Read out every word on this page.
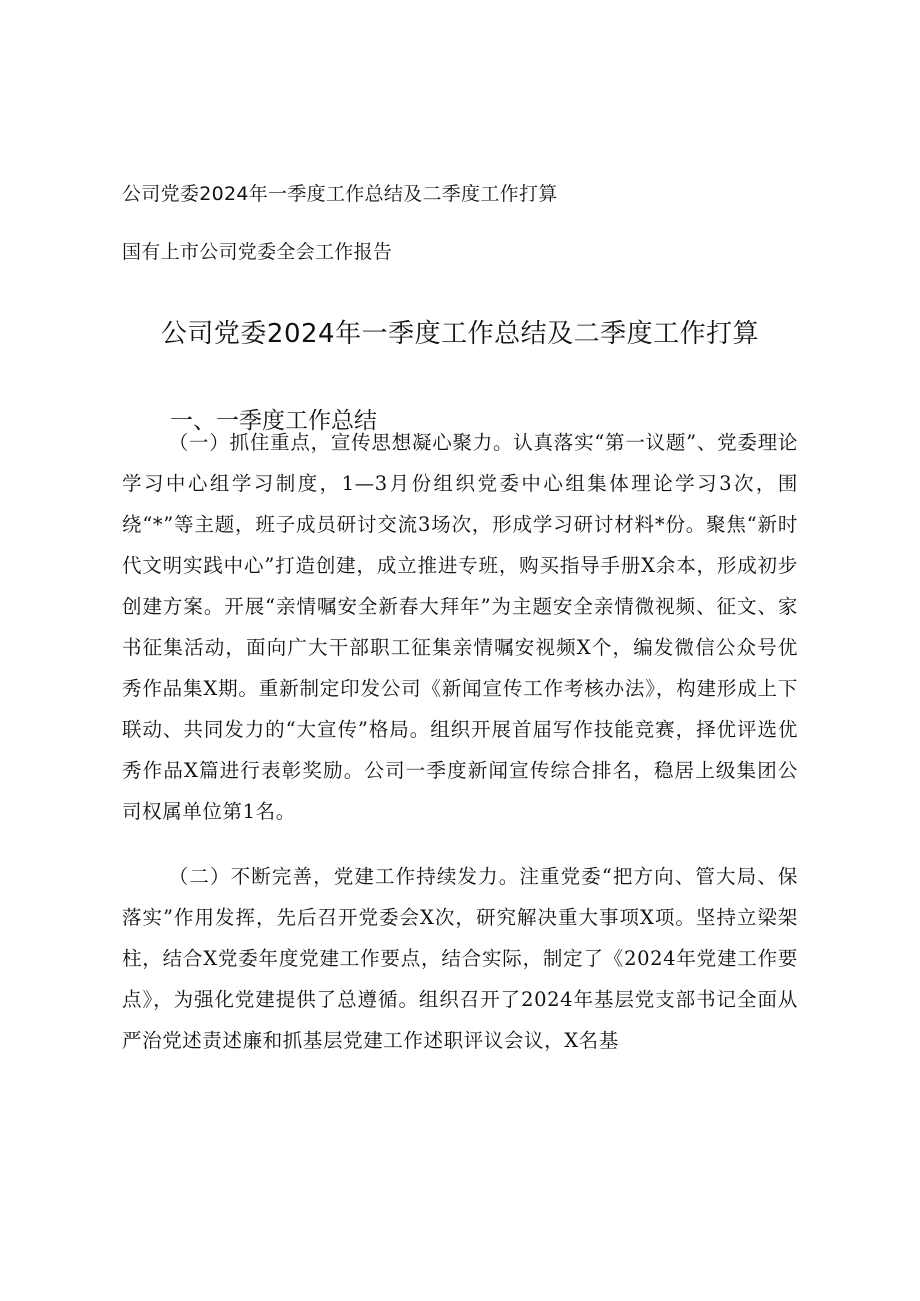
公司党委2024年一季度工作总结及二季度工作打算
国有上市公司党委全会工作报告
公司党委2024年一季度工作总结及二季度工作打算
一、一季度工作总结

（一）抓住重点，宣传思想凝心聚力。认真落实“第一议题”、党委理论学习中心组学习制度，1—3月份组织党委中心组集体理论学习3次，围绕“*”等主题，班子成员研讨交流3场次，形成学习研讨材料*份。聚焦“新时代文明实践中心”打造创建，成立推进专班，购买指导手册X余本，形成初步创建方案。开展“亲情嘱安全新春大拜年”为主题安全亲情微视频、征文、家书征集活动，面向广大干部职工征集亲情嘱安视频X个，编发微信公众号优秀作品集X期。重新制定印发公司《新闻宣传工作考核办法》，构建形成上下联动、共同发力的“大宣传”格局。组织开展首届写作技能竞赛，择优评选优秀作品X篇进行表彰奖励。公司一季度新闻宣传综合排名，稳居上级集团公司权属单位第1名。

（二）不断完善，党建工作持续发力。注重党委“把方向、管大局、保落实”作用发挥，先后召开党委会X次，研究解决重大事项X项。坚持立梁架柱，结合X党委年度党建工作要点，结合实际，制定了《2024年党建工作要点》，为强化党建提供了总遵循。组织召开了2024年基层党支部书记全面从严治党述责述廉和抓基层党建工作述职评议会议，X名基
